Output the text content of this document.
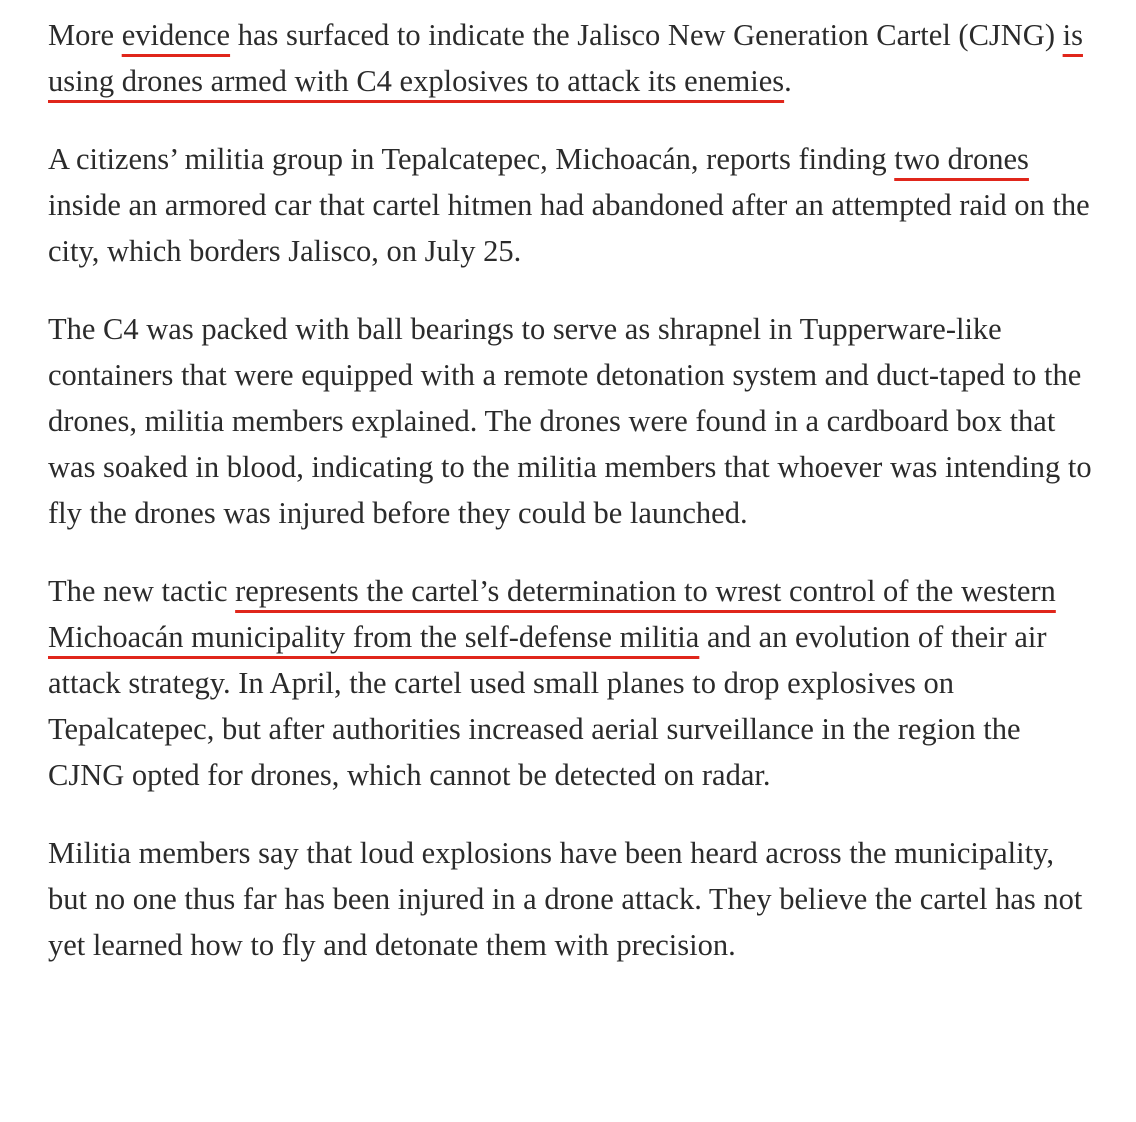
More evidence has surfaced to indicate the Jalisco New Generation Cartel (CJNG) is using drones armed with C4 explosives to attack its enemies.

A citizens’ militia group in Tepalcatepec, Michoacán, reports finding two drones inside an armored car that cartel hitmen had abandoned after an attempted raid on the city, which borders Jalisco, on July 25.

The C4 was packed with ball bearings to serve as shrapnel in Tupperware-like containers that were equipped with a remote detonation system and duct-taped to the drones, militia members explained. The drones were found in a cardboard box that was soaked in blood, indicating to the militia members that whoever was intending to fly the drones was injured before they could be launched.

The new tactic represents the cartel’s determination to wrest control of the western Michoacán municipality from the self-defense militia and an evolution of their air attack strategy. In April, the cartel used small planes to drop explosives on Tepalcatepec, but after authorities increased aerial surveillance in the region the CJNG opted for drones, which cannot be detected on radar.

Militia members say that loud explosions have been heard across the municipality, but no one thus far has been injured in a drone attack. They believe the cartel has not yet learned how to fly and detonate them with precision.
